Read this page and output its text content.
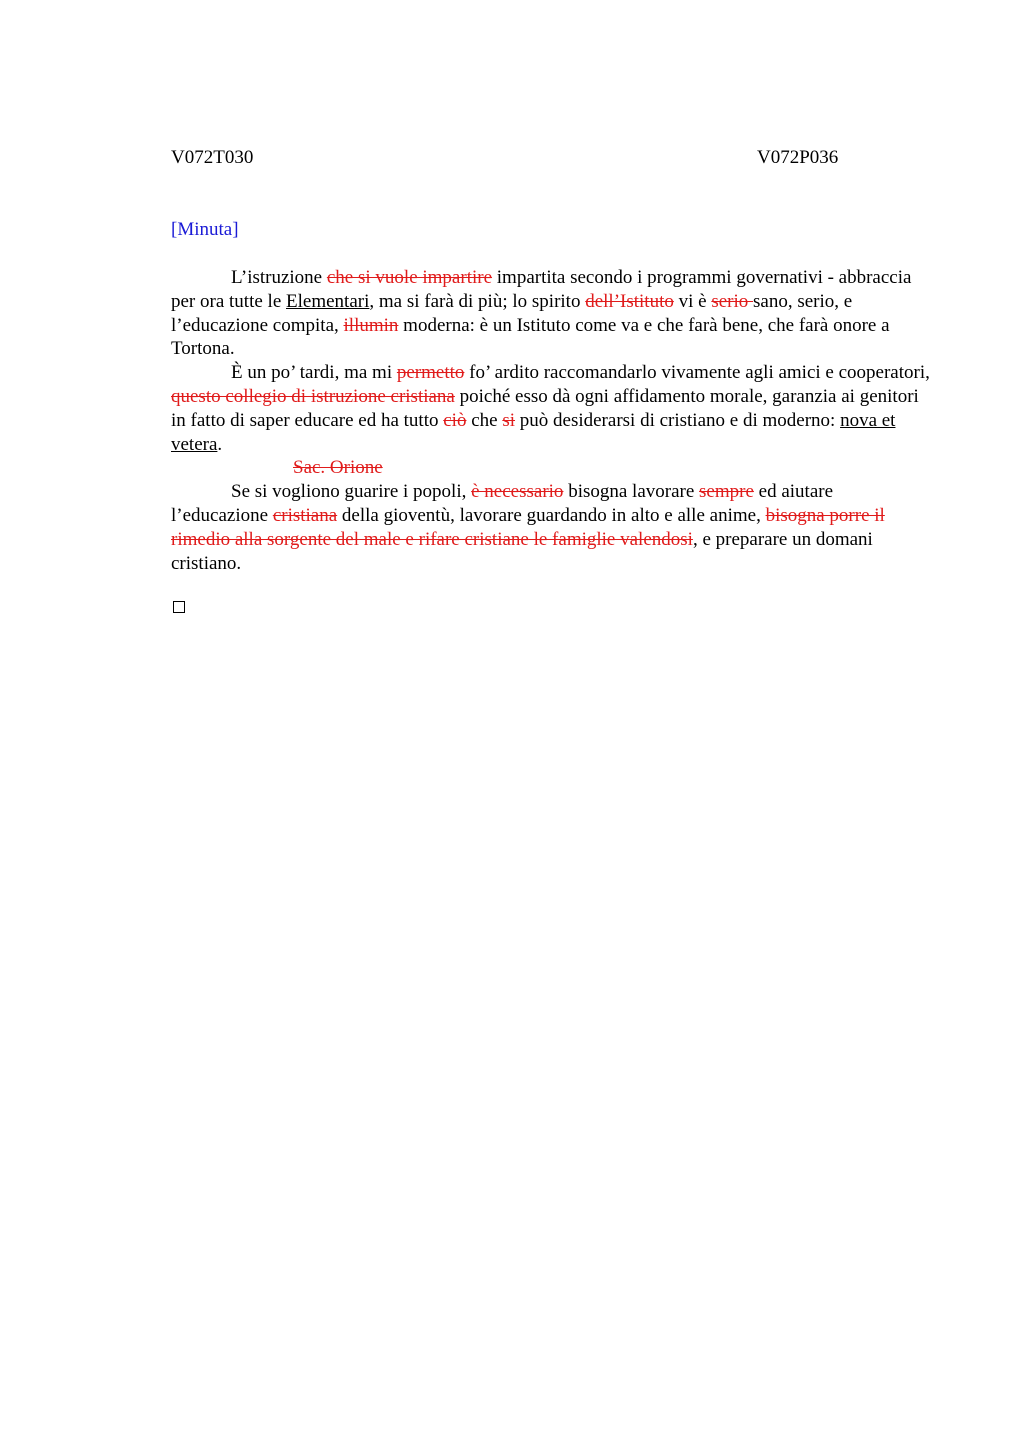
V072T030	V072P036
[Minuta]

L’istruzione che si vuole impartire impartita secondo i programmi governativi - abbraccia per ora tutte le Elementari, ma si farà di più; lo spirito dell’Istituto vi è serio sano, serio, e l’educazione compita, illumin moderna: è un Istituto come va e che farà bene, che farà onore a Tortona.

È un po’ tardi, ma mi permetto fo’ ardito raccomandarlo vivamente agli amici e cooperatori, questo collegio di istruzione cristiana poiché esso dà ogni affidamento morale, garanzia ai genitori in fatto di saper educare ed ha tutto ciò che si può desiderarsi di cristiano e di moderno: nova et vetera.

Sac. Orione

Se si vogliono guarire i popoli, è necessario bisogna lavorare sempre ed aiutare l’educazione cristiana della gioventù, lavorare guardando in alto e alle anime, bisogna porre il rimedio alla sorgente del male e rifare cristiane le famiglie valendosi, e preparare un domani cristiano.
